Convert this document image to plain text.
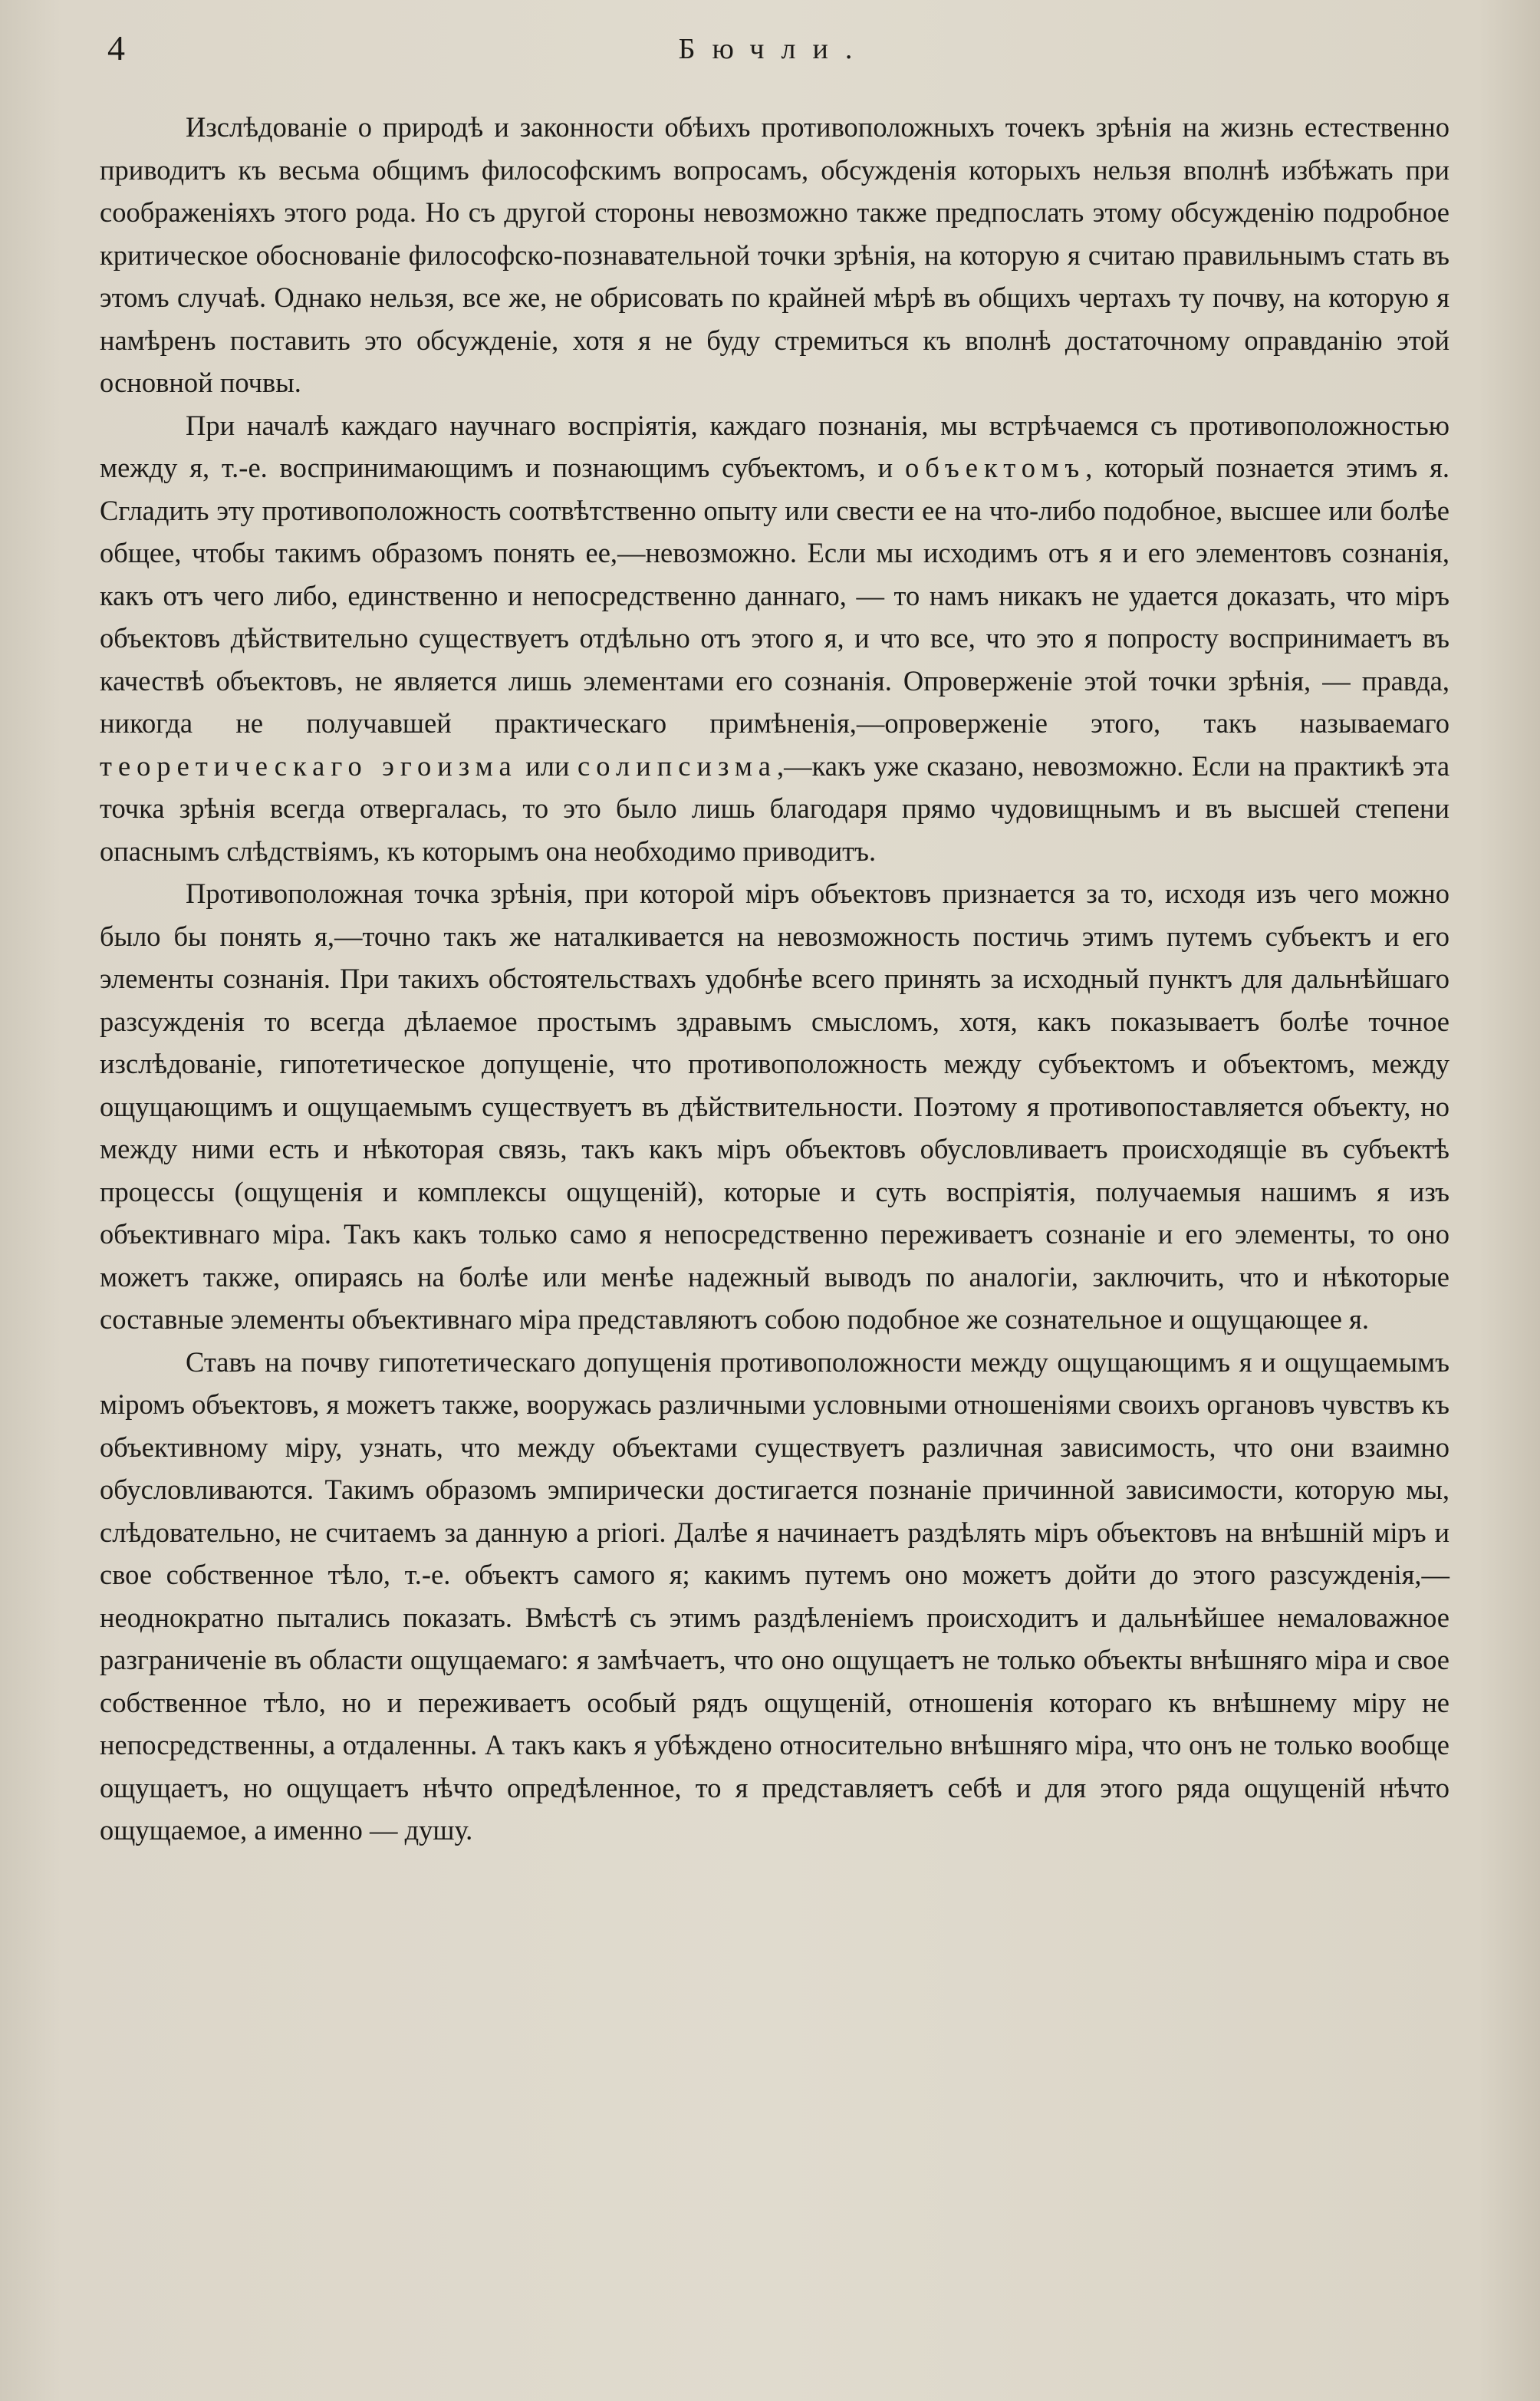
4	Бючли.

Изслѣдованіе о природѣ и законности обѣихъ противоположныхъ точекъ зрѣнія на жизнь естественно приводитъ къ весьма общимъ философскимъ вопросамъ, обсужденія которыхъ нельзя вполнѣ избѣжать при соображеніяхъ этого рода. Но съ другой стороны невозможно также предпослать этому обсужденію подробное критическое обоснованіе философско-познавательной точки зрѣнія, на которую я считаю правильнымъ стать въ этомъ случаѣ. Однако нельзя, все же, не обрисовать по крайней мѣрѣ въ общихъ чертахъ ту почву, на которую я намѣренъ поставить это обсужденіе, хотя я не буду стремиться къ вполнѣ достаточному оправданію этой основной почвы.

При началѣ каждаго научнаго воспріятія, каждаго познанія, мы встрѣчаемся съ противоположностью между я, т.-е. воспринимающимъ и познающимъ субъектомъ, и объектомъ, который познается этимъ я. Сгладить эту противоположность соотвѣтственно опыту или свести ее на что-либо подобное, высшее или болѣе общее, чтобы такимъ образомъ понять ее,—невозможно. Если мы исходимъ отъ я и его элементовъ сознанія, какъ отъ чего либо, единственно и непосредственно даннаго, — то намъ никакъ не удается доказать, что міръ объектовъ дѣйствительно существуетъ отдѣльно отъ этого я, и что все, что это я попросту воспринимаетъ въ качествѣ объектовъ, не является лишь элементами его сознанія. Опроверженіе этой точки зрѣнія, — правда, никогда не получавшей практическаго примѣненія,—опроверженіе этого, такъ называемаго теоретическаго эгоизма или солипсизма,—какъ уже сказано, невозможно. Если на практикѣ эта точка зрѣнія всегда отвергалась, то это было лишь благодаря прямо чудовищнымъ и въ высшей степени опаснымъ слѣдствіямъ, къ которымъ она необходимо приводитъ.

Противоположная точка зрѣнія, при которой міръ объектовъ признается за то, исходя изъ чего можно было бы понять я,—точно такъ же наталкивается на невозможность постичь этимъ путемъ субъектъ и его элементы сознанія. При такихъ обстоятельствахъ удобнѣе всего принять за исходный пунктъ для дальнѣйшаго разсужденія то всегда дѣлаемое простымъ здравымъ смысломъ, хотя, какъ показываетъ болѣе точное изслѣдованіе, гипотетическое допущеніе, что противоположность между субъектомъ и объектомъ, между ощущающимъ и ощущаемымъ существуетъ въ дѣйствительности. Поэтому я противопоставляется объекту, но между ними есть и нѣкоторая связь, такъ какъ міръ объектовъ обусловливаетъ происходящіе въ субъектѣ процессы (ощущенія и комплексы ощущеній), которые и суть воспріятія, получаемыя нашимъ я изъ объективнаго міра. Такъ какъ только само я непосредственно переживаетъ сознаніе и его элементы, то оно можетъ также, опираясь на болѣе или менѣе надежный выводъ по аналогіи, заключить, что и нѣкоторые составные элементы объективнаго міра представляютъ собою подобное же сознательное и ощущающее я.

Ставъ на почву гипотетическаго допущенія противоположности между ощущающимъ я и ощущаемымъ міромъ объектовъ, я можетъ также, вооружась различными условными отношеніями своихъ органовъ чувствъ къ объективному міру, узнать, что между объектами существуетъ различная зависимость, что они взаимно обусловливаются. Такимъ образомъ эмпирически достигается познаніе причинной зависимости, которую мы, слѣдовательно, не считаемъ за данную a priori. Далѣе я начинаетъ раздѣлять міръ объектовъ на внѣшній міръ и свое собственное тѣло, т.-е. объектъ самого я; какимъ путемъ оно можетъ дойти до этого разсужденія,—неоднократно пытались показать. Вмѣстѣ съ этимъ раздѣленіемъ происходитъ и дальнѣйшее немаловажное разграниченіе въ области ощущаемаго: я замѣчаетъ, что оно ощущаетъ не только объекты внѣшняго міра и свое собственное тѣло, но и переживаетъ особый рядъ ощущеній, отношенія котораго къ внѣшнему міру не непосредственны, а отдаленны. А такъ какъ я убѣждено относительно внѣшняго міра, что онъ не только вообще ощущаетъ, но ощущаетъ нѣчто опредѣленное, то я представляетъ себѣ и для этого ряда ощущеній нѣчто ощущаемое, а именно — душу.
